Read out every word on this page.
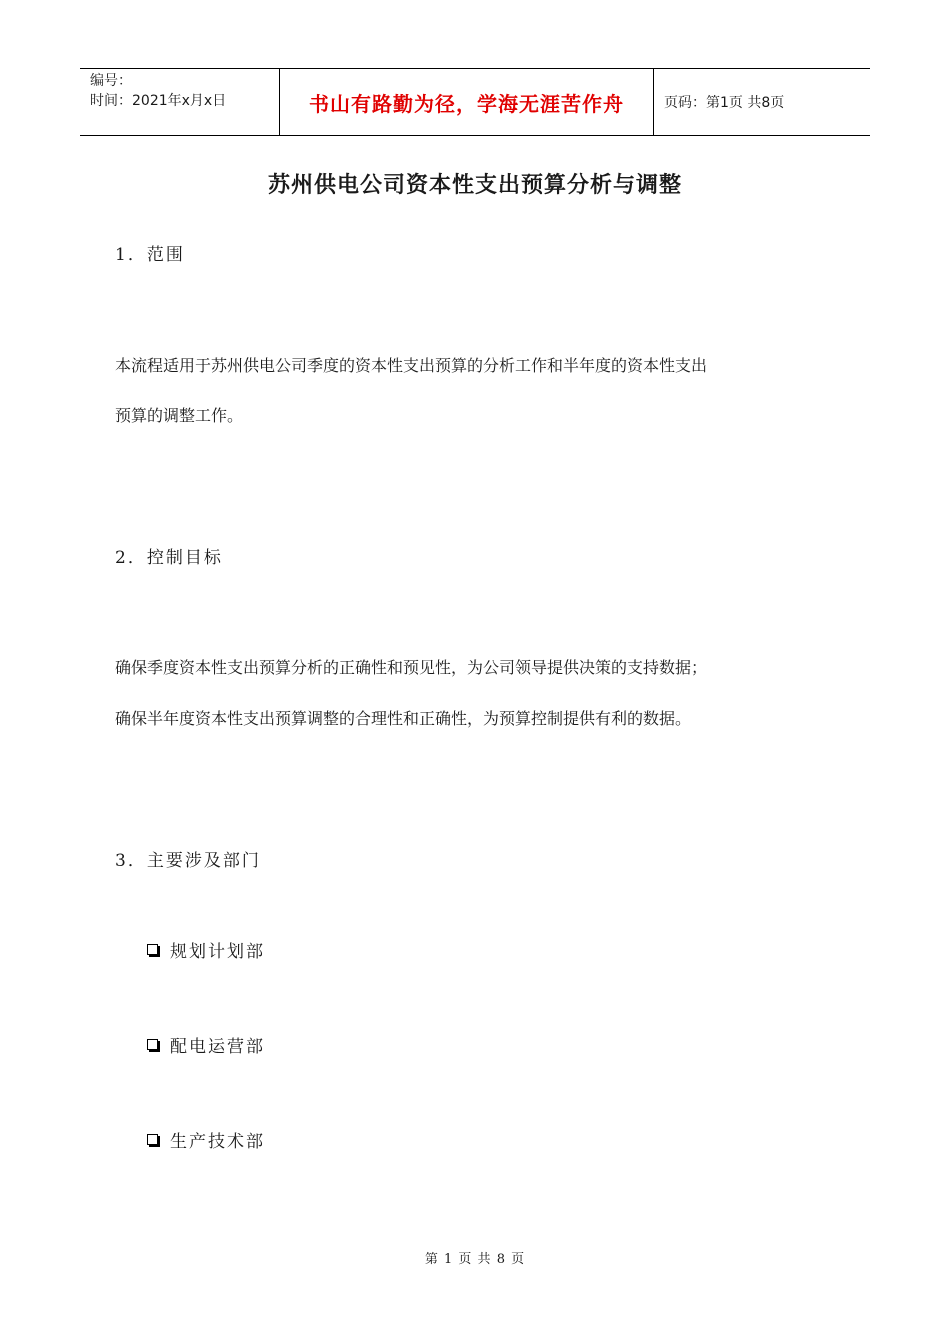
编号：
时间：2021年x月x日	书山有路勤为径，学海无涯苦作舟	页码：第1页 共8页
苏州供电公司资本性支出预算分析与调整
1．范围
本流程适用于苏州供电公司季度的资本性支出预算的分析工作和半年度的资本性支出
预算的调整工作。
2．控制目标
确保季度资本性支出预算分析的正确性和预见性，为公司领导提供决策的支持数据；
确保半年度资本性支出预算调整的合理性和正确性，为预算控制提供有利的数据。
3．主要涉及部门
规划计划部
配电运营部
生产技术部
第 1 页 共 8 页
